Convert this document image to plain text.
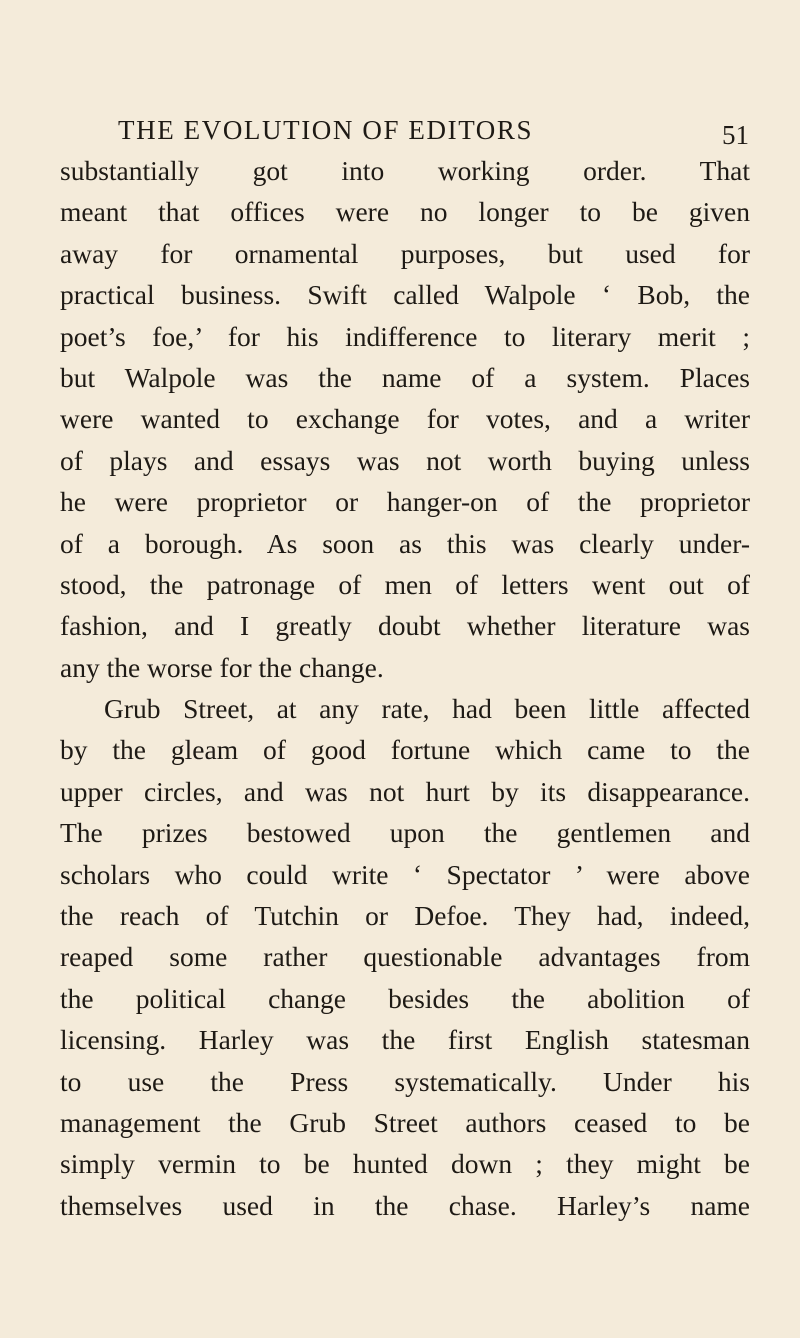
THE EVOLUTION OF EDITORS	51
substantially got into working order. That
meant that offices were no longer to be given
away for ornamental purposes, but used for
practical business. Swift called Walpole ‘ Bob, the
poet’s foe,’ for his indifference to literary merit ;
but Walpole was the name of a system. Places
were wanted to exchange for votes, and a writer
of plays and essays was not worth buying unless
he were proprietor or hanger-on of the proprietor
of a borough. As soon as this was clearly under-
stood, the patronage of men of letters went out of
fashion, and I greatly doubt whether literature was
any the worse for the change.
Grub Street, at any rate, had been little affected
by the gleam of good fortune which came to the
upper circles, and was not hurt by its disappearance.
The prizes bestowed upon the gentlemen and
scholars who could write ‘ Spectator ’ were above
the reach of Tutchin or Defoe. They had, indeed,
reaped some rather questionable advantages from
the political change besides the abolition of
licensing. Harley was the first English statesman
to use the Press systematically. Under his
management the Grub Street authors ceased to be
simply vermin to be hunted down ; they might be
themselves used in the chase. Harley’s name
